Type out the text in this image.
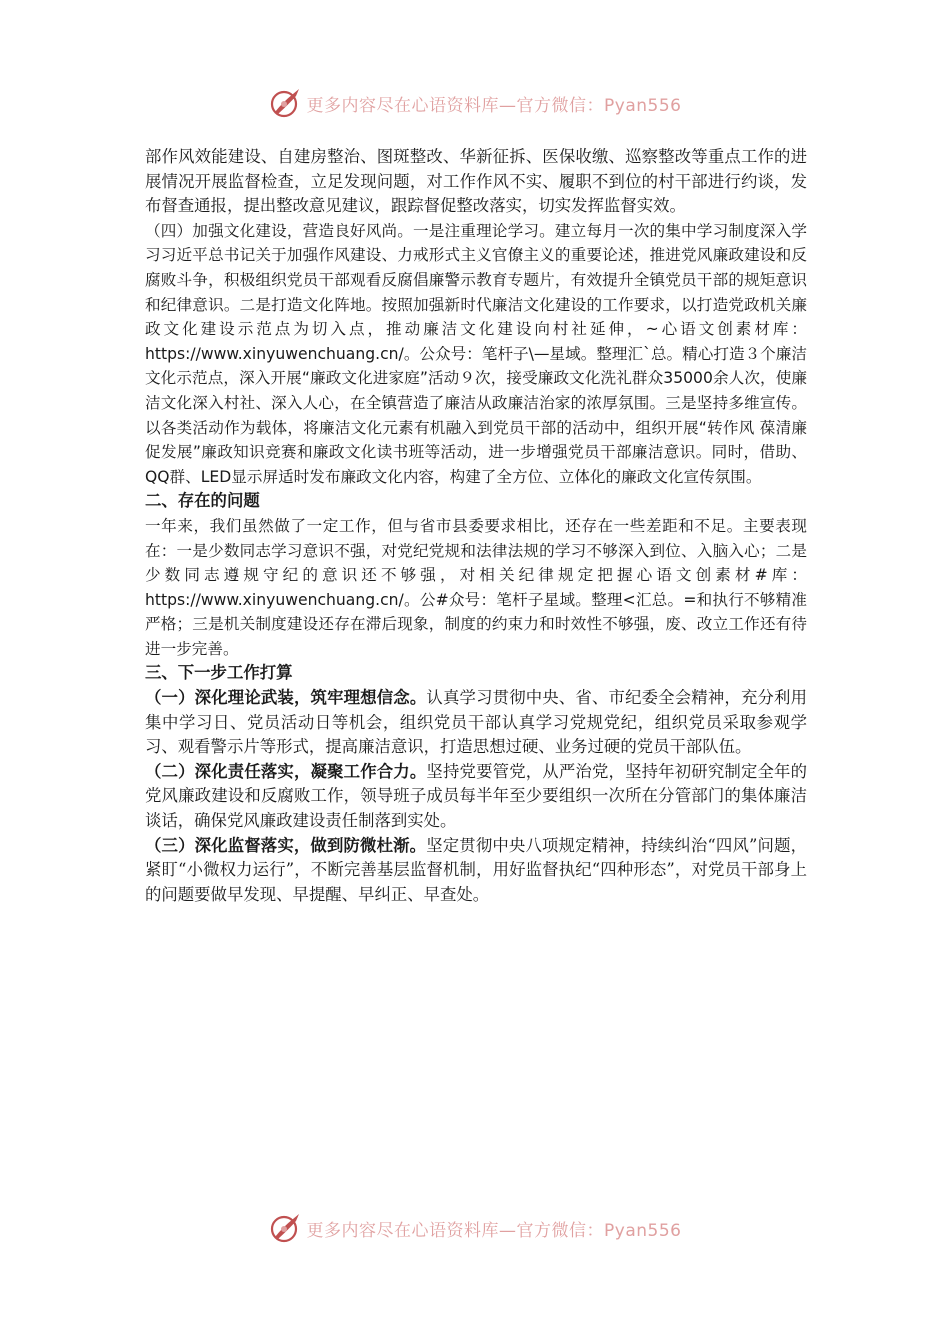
更多内容尽在心语资料库—官方微信：Pyan556

部作风效能建设、自建房整治、图斑整改、华新征拆、医保收缴、巡察整改等重点工作的进展情况开展监督检查，立足发现问题，对工作作风不实、履职不到位的村干部进行约谈，发布督查通报，提出整改意见建议，跟踪督促整改落实，切实发挥监督实效。

（四）加强文化建设，营造良好风尚。一是注重理论学习。建立每月一次的集中学习制度深入学习习近平总书记关于加强作风建设、力戒形式主义官僚主义的重要论述，推进党风廉政建设和反腐败斗争，积极组织党员干部观看反腐倡廉警示教育专题片，有效提升全镇党员干部的规矩意识和纪律意识。二是打造文化阵地。按照加强新时代廉洁文化建设的工作要求，以打造党政机关廉政文化建设示范点为切入点，推动廉洁文化建设向村社延伸，~心语文创素材库：https://www.xinyuwenchuang.cn/。公众号：笔杆子\—星域。整理汇`总。精心打造３个廉洁文化示范点，深入开展“廉政文化进家庭”活动９次，接受廉政文化洗礼群众35000余人次，使廉洁文化深入村社、深入人心，在全镇营造了廉洁从政廉洁治家的浓厚氛围。三是坚持多维宣传。以各类活动作为载体，将廉洁文化元素有机融入到党员干部的活动中，组织开展“转作风 葆清廉 促发展”廉政知识竞赛和廉政文化读书班等活动，进一步增强党员干部廉洁意识。同时，借助、QQ群、LED显示屏适时发布廉政文化内容，构建了全方位、立体化的廉政文化宣传氛围。

二、存在的问题

一年来，我们虽然做了一定工作，但与省市县委要求相比，还存在一些差距和不足。主要表现在：一是少数同志学习意识不强，对党纪党规和法律法规的学习不够深入到位、入脑入心；二是少数同志遵规守纪的意识还不够强，对相关纪律规定把握心语文创素材#库：https://www.xinyuwenchuang.cn/。公#众号：笔杆子星域。整理<汇总。=和执行不够精准严格；三是机关制度建设还存在滞后现象，制度的约束力和时效性不够强，废、改立工作还有待进一步完善。

三、下一步工作打算

（一）深化理论武装，筑牢理想信念。认真学习贯彻中央、省、市纪委全会精神，充分利用集中学习日、党员活动日等机会，组织党员干部认真学习党规党纪，组织党员采取参观学习、观看警示片等形式，提高廉洁意识，打造思想过硬、业务过硬的党员干部队伍。

（二）深化责任落实，凝聚工作合力。坚持党要管党，从严治党，坚持年初研究制定全年的党风廉政建设和反腐败工作，领导班子成员每半年至少要组织一次所在分管部门的集体廉洁谈话，确保党风廉政建设责任制落到实处。

（三）深化监督落实，做到防微杜渐。坚定贯彻中央八项规定精神，持续纠治“四风”问题，紧盯“小微权力运行”，不断完善基层监督机制，用好监督执纪“四种形态”，对党员干部身上的问题要做早发现、早提醒、早纠正、早查处。

更多内容尽在心语资料库—官方微信：Pyan556
